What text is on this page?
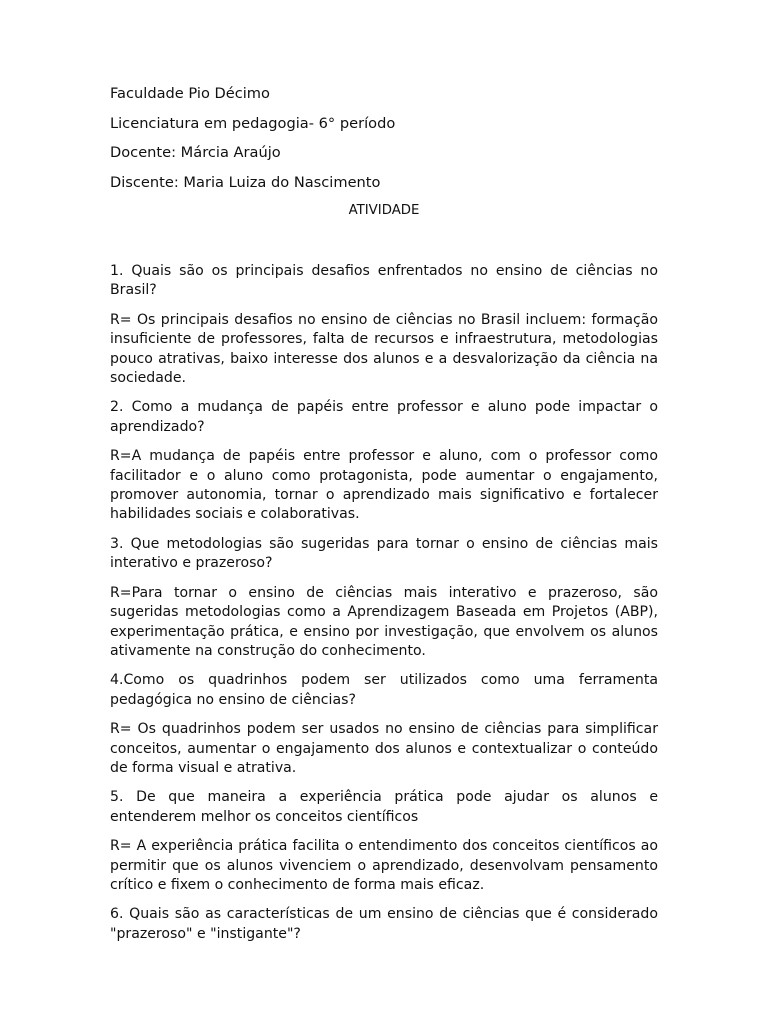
Faculdade Pio Décimo

Licenciatura em pedagogia- 6° período

Docente: Márcia Araújo

Discente: Maria Luiza do Nascimento

ATIVIDADE

1. Quais são os principais desafios enfrentados no ensino de ciências no Brasil?

R= Os principais desafios no ensino de ciências no Brasil incluem: formação insuficiente de professores, falta de recursos e infraestrutura, metodologias pouco atrativas, baixo interesse dos alunos e a desvalorização da ciência na sociedade.

2. Como a mudança de papéis entre professor e aluno pode impactar o aprendizado?

R=A mudança de papéis entre professor e aluno, com o professor como facilitador e o aluno como protagonista, pode aumentar o engajamento, promover autonomia, tornar o aprendizado mais significativo e fortalecer habilidades sociais e colaborativas.

3. Que metodologias são sugeridas para tornar o ensino de ciências mais interativo e prazeroso?

R=Para tornar o ensino de ciências mais interativo e prazeroso, são sugeridas metodologias como a Aprendizagem Baseada em Projetos (ABP), experimentação prática, e ensino por investigação, que envolvem os alunos ativamente na construção do conhecimento.

4.Como os quadrinhos podem ser utilizados como uma ferramenta pedagógica no ensino de ciências?

R= Os quadrinhos podem ser usados no ensino de ciências para simplificar conceitos, aumentar o engajamento dos alunos e contextualizar o conteúdo de forma visual e atrativa.

5. De que maneira a experiência prática pode ajudar os alunos e entenderem melhor os conceitos científicos

R= A experiência prática facilita o entendimento dos conceitos científicos ao permitir que os alunos vivenciem o aprendizado, desenvolvam pensamento crítico e fixem o conhecimento de forma mais eficaz.

6. Quais são as características de um ensino de ciências que é considerado "prazeroso" e "instigante"?
